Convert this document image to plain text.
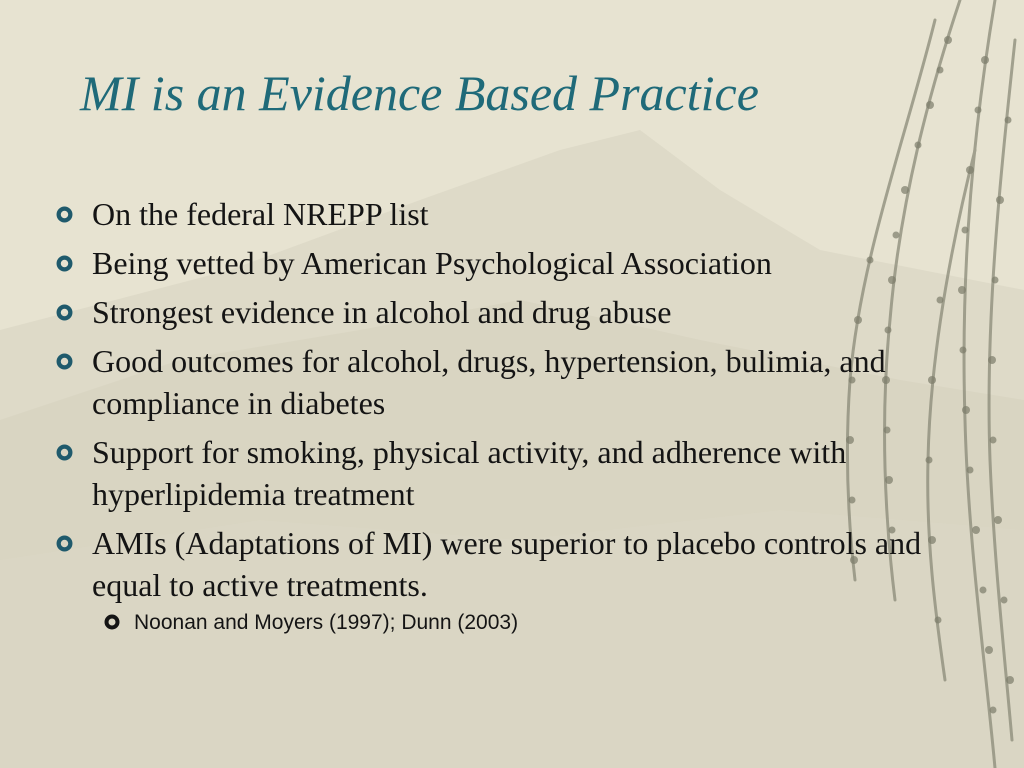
MI is an Evidence Based Practice
On the federal NREPP list
Being vetted by American Psychological Association
Strongest evidence in alcohol and drug abuse
Good outcomes for alcohol, drugs, hypertension, bulimia, and compliance in diabetes
Support for smoking, physical activity, and adherence with hyperlipidemia treatment
AMIs (Adaptations of MI) were superior to placebo controls and equal to active treatments.
Noonan and Moyers (1997); Dunn (2003)
